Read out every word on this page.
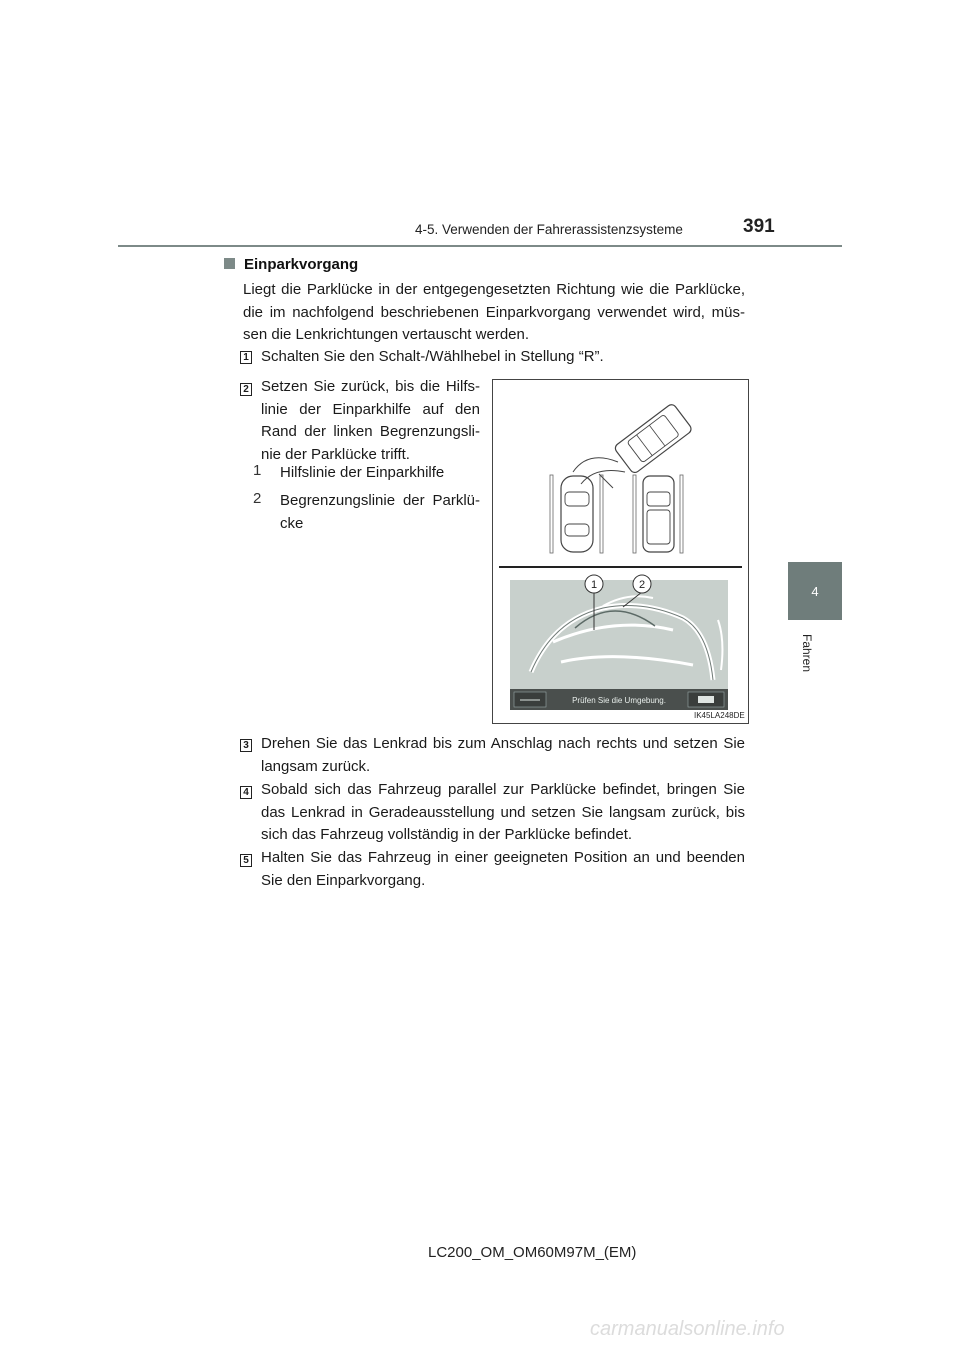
4-5. Verwenden der Fahrerassistenzsysteme	391
4
Fahren
Einparkvorgang
Liegt die Parklücke in der entgegengesetzten Richtung wie die Parklücke, die im nachfolgend beschriebenen Einparkvorgang verwendet wird, müs-sen die Lenkrichtungen vertauscht werden.
1 Schalten Sie den Schalt-/Wählhebel in Stellung “R”.
2 Setzen Sie zurück, bis die Hilfs-linie der Einparkhilfe auf den Rand der linken Begrenzungsli-nie der Parklücke trifft.
1 Hilfslinie der Einparkhilfe
2 Begrenzungslinie der Parklü-cke
Prüfen Sie die Umgebung.
1	2
IK45LA248DE
3 Drehen Sie das Lenkrad bis zum Anschlag nach rechts und setzen Sie langsam zurück.
4 Sobald sich das Fahrzeug parallel zur Parklücke befindet, bringen Sie das Lenkrad in Geradeausstellung und setzen Sie langsam zurück, bis sich das Fahrzeug vollständig in der Parklücke befindet.
5 Halten Sie das Fahrzeug in einer geeigneten Position an und beenden Sie den Einparkvorgang.
LC200_OM_OM60M97M_(EM)
carmanualsonline.info
